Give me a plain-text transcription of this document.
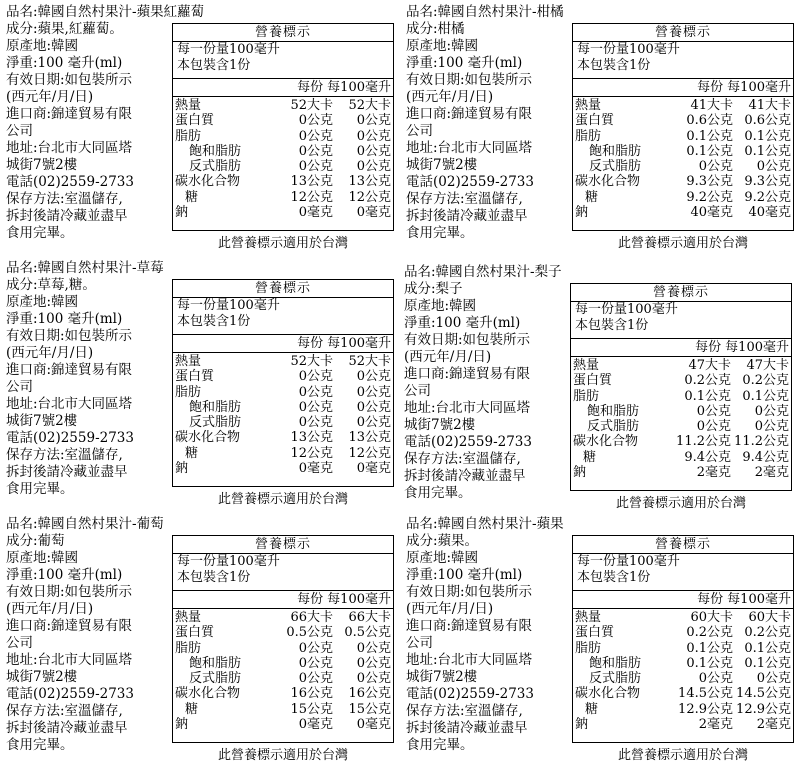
品名:韓國自然村果汁-蘋果紅蘿蔔
成分:蘋果,紅蘿蔔。
原產地:韓國
淨重:100 毫升(ml)
有效日期:如包裝所示
(西元年/月/日)
進口商:錦達貿易有限
公司
地址:台北市大同區塔
城街7號2樓
電話(02)2559-2733
保存方法:室溫儲存,
拆封後請冷藏並盡早
食用完畢。
營養標示
每一份量100毫升
本包裝含1份
每份 每100毫升
熱量	52大卡	52大卡
蛋白質	0公克	0公克
脂肪	0公克	0公克
飽和脂肪	0公克	0公克
反式脂肪	0公克	0公克
碳水化合物	13公克	13公克
糖	12公克	12公克
鈉	0毫克	0毫克
此營養標示適用於台灣
品名:韓國自然村果汁-柑橘
成分:柑橘
原產地:韓國
淨重:100 毫升(ml)
有效日期:如包裝所示
(西元年/月/日)
進口商:錦達貿易有限
公司
地址:台北市大同區塔
城街7號2樓
電話(02)2559-2733
保存方法:室溫儲存,
拆封後請冷藏並盡早
食用完畢。
營養標示
每一份量100毫升
本包裝含1份
每份 每100毫升
熱量	41大卡	41大卡
蛋白質	0.6公克	0.6公克
脂肪	0.1公克	0.1公克
飽和脂肪	0.1公克	0.1公克
反式脂肪	0公克	0公克
碳水化合物	9.3公克	9.3公克
糖	9.2公克	9.2公克
鈉	40毫克	40毫克
此營養標示適用於台灣
品名:韓國自然村果汁-草莓
成分:草莓,糖。
原產地:韓國
淨重:100 毫升(ml)
有效日期:如包裝所示
(西元年/月/日)
進口商:錦達貿易有限
公司
地址:台北市大同區塔
城街7號2樓
電話(02)2559-2733
保存方法:室溫儲存,
拆封後請冷藏並盡早
食用完畢。
營養標示
每一份量100毫升
本包裝含1份
每份 每100毫升
熱量	52大卡	52大卡
蛋白質	0公克	0公克
脂肪	0公克	0公克
飽和脂肪	0公克	0公克
反式脂肪	0公克	0公克
碳水化合物	13公克	13公克
糖	12公克	12公克
鈉	0毫克	0毫克
此營養標示適用於台灣
品名:韓國自然村果汁-梨子
成分:梨子
原產地:韓國
淨重:100 毫升(ml)
有效日期:如包裝所示
(西元年/月/日)
進口商:錦達貿易有限
公司
地址:台北市大同區塔
城街7號2樓
電話(02)2559-2733
保存方法:室溫儲存,
拆封後請冷藏並盡早
食用完畢。
營養標示
每一份量100毫升
本包裝含1份
每份 每100毫升
熱量	47大卡	47大卡
蛋白質	0.2公克	0.2公克
脂肪	0.1公克	0.1公克
飽和脂肪	0公克	0公克
反式脂肪	0公克	0公克
碳水化合物	11.2公克	11.2公克
糖	9.4公克	9.4公克
鈉	2毫克	2毫克
此營養標示適用於台灣
品名:韓國自然村果汁-葡萄
成分:葡萄
原產地:韓國
淨重:100 毫升(ml)
有效日期:如包裝所示
(西元年/月/日)
進口商:錦達貿易有限
公司
地址:台北市大同區塔
城街7號2樓
電話(02)2559-2733
保存方法:室溫儲存,
拆封後請冷藏並盡早
食用完畢。
營養標示
每一份量100毫升
本包裝含1份
每份 每100毫升
熱量	66大卡	66大卡
蛋白質	0.5公克	0.5公克
脂肪	0公克	0公克
飽和脂肪	0公克	0公克
反式脂肪	0公克	0公克
碳水化合物	16公克	16公克
糖	15公克	15公克
鈉	0毫克	0毫克
此營養標示適用於台灣
品名:韓國自然村果汁-蘋果
成分:蘋果。
原產地:韓國
淨重:100 毫升(ml)
有效日期:如包裝所示
(西元年/月/日)
進口商:錦達貿易有限
公司
地址:台北市大同區塔
城街7號2樓
電話(02)2559-2733
保存方法:室溫儲存,
拆封後請冷藏並盡早
食用完畢。
營養標示
每一份量100毫升
本包裝含1份
每份 每100毫升
熱量	60大卡	60大卡
蛋白質	0.2公克	0.2公克
脂肪	0.1公克	0.1公克
飽和脂肪	0.1公克	0.1公克
反式脂肪	0公克	0公克
碳水化合物	14.5公克	14.5公克
糖	12.9公克	12.9公克
鈉	2毫克	2毫克
此營養標示適用於台灣
